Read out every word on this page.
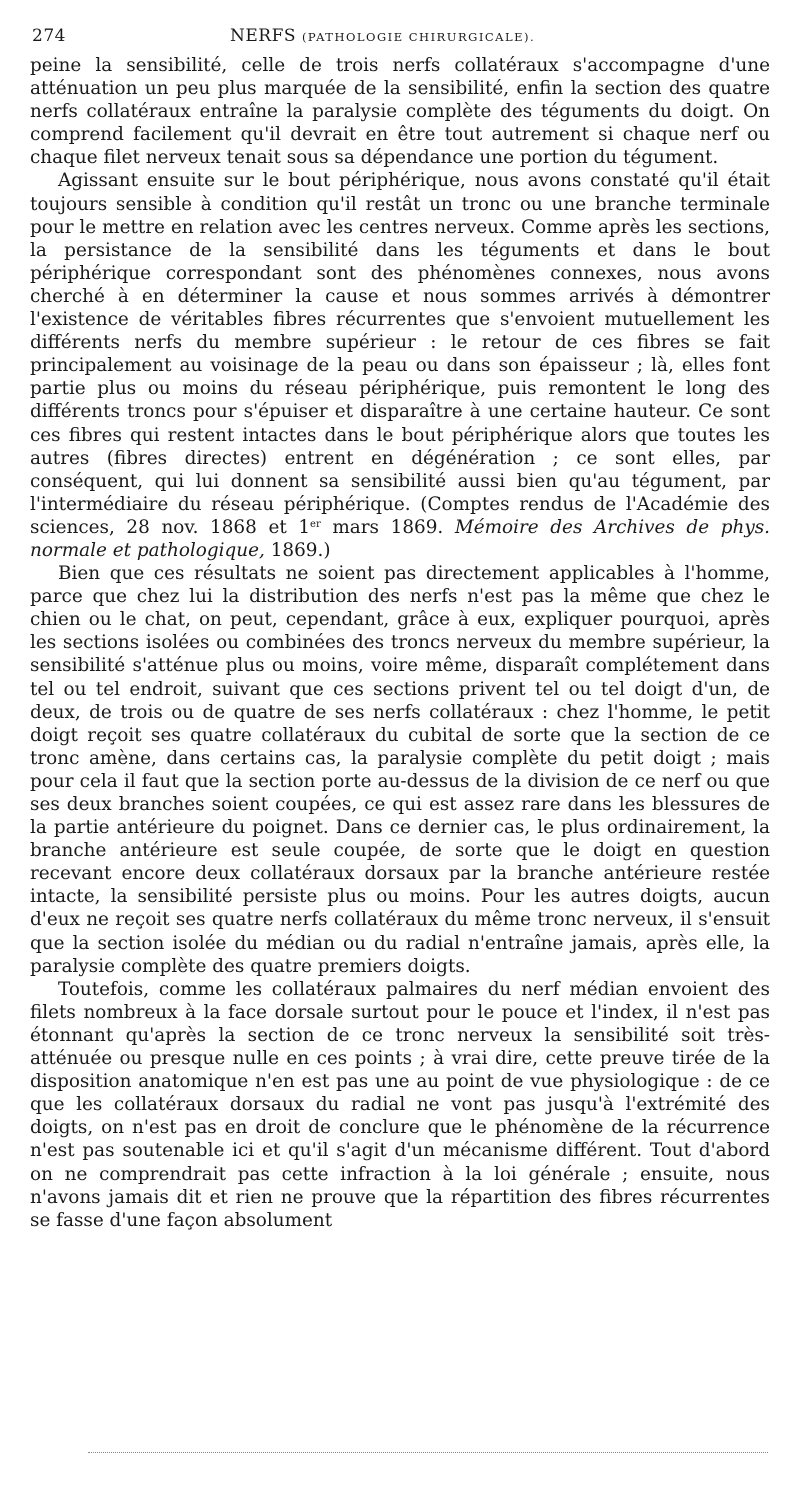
274	NERFS (PATHOLOGIE CHIRURGICALE).

peine la sensibilité, celle de trois nerfs collatéraux s'accompagne d'une atténuation un peu plus marquée de la sensibilité, enfin la section des quatre nerfs collatéraux entraîne la paralysie complète des téguments du doigt. On comprend facilement qu'il devrait en être tout autrement si chaque nerf ou chaque filet nerveux tenait sous sa dépendance une portion du tégument.

Agissant ensuite sur le bout périphérique, nous avons constaté qu'il était toujours sensible à condition qu'il restât un tronc ou une branche terminale pour le mettre en relation avec les centres nerveux. Comme après les sections, la persistance de la sensibilité dans les téguments et dans le bout périphérique correspondant sont des phénomènes connexes, nous avons cherché à en déterminer la cause et nous sommes arrivés à démontrer l'existence de véritables fibres récurrentes que s'envoient mutuellement les différents nerfs du membre supérieur : le retour de ces fibres se fait principalement au voisinage de la peau ou dans son épaisseur ; là, elles font partie plus ou moins du réseau périphérique, puis remontent le long des différents troncs pour s'épuiser et disparaître à une certaine hauteur. Ce sont ces fibres qui restent intactes dans le bout périphérique alors que toutes les autres (fibres directes) entrent en dégénération ; ce sont elles, par conséquent, qui lui donnent sa sensibilité aussi bien qu'au tégument, par l'intermédiaire du réseau périphérique. (Comptes rendus de l'Académie des sciences, 28 nov. 1868 et 1er mars 1869. Mémoire des Archives de phys. normale et pathologique, 1869.)

Bien que ces résultats ne soient pas directement applicables à l'homme, parce que chez lui la distribution des nerfs n'est pas la même que chez le chien ou le chat, on peut, cependant, grâce à eux, expliquer pourquoi, après les sections isolées ou combinées des troncs nerveux du membre supérieur, la sensibilité s'atténue plus ou moins, voire même, disparaît complétement dans tel ou tel endroit, suivant que ces sections privent tel ou tel doigt d'un, de deux, de trois ou de quatre de ses nerfs collatéraux : chez l'homme, le petit doigt reçoit ses quatre collatéraux du cubital de sorte que la section de ce tronc amène, dans certains cas, la paralysie complète du petit doigt ; mais pour cela il faut que la section porte au-dessus de la division de ce nerf ou que ses deux branches soient coupées, ce qui est assez rare dans les blessures de la partie antérieure du poignet. Dans ce dernier cas, le plus ordinairement, la branche antérieure est seule coupée, de sorte que le doigt en question recevant encore deux collatéraux dorsaux par la branche antérieure restée intacte, la sensibilité persiste plus ou moins. Pour les autres doigts, aucun d'eux ne reçoit ses quatre nerfs collatéraux du même tronc nerveux, il s'ensuit que la section isolée du médian ou du radial n'entraîne jamais, après elle, la paralysie complète des quatre premiers doigts.

Toutefois, comme les collatéraux palmaires du nerf médian envoient des filets nombreux à la face dorsale surtout pour le pouce et l'index, il n'est pas étonnant qu'après la section de ce tronc nerveux la sensibilité soit très-atténuée ou presque nulle en ces points ; à vrai dire, cette preuve tirée de la disposition anatomique n'en est pas une au point de vue physiologique : de ce que les collatéraux dorsaux du radial ne vont pas jusqu'à l'extrémité des doigts, on n'est pas en droit de conclure que le phénomène de la récurrence n'est pas soutenable ici et qu'il s'agit d'un mécanisme différent. Tout d'abord on ne comprendrait pas cette infraction à la loi générale ; ensuite, nous n'avons jamais dit et rien ne prouve que la répartition des fibres récurrentes se fasse d'une façon absolument
